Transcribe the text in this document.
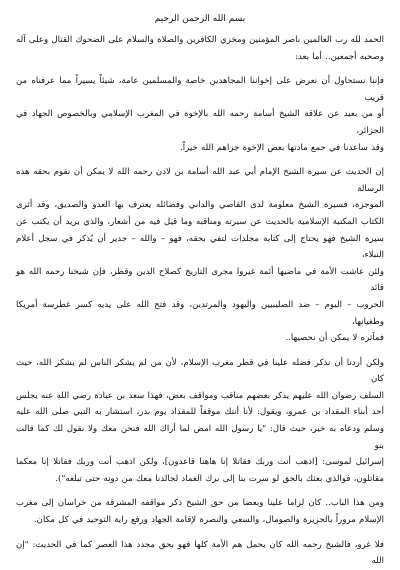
بسم الله الرحمن الرحيم
الحمد لله رب العالمين ناصر المؤمنين ومخزي الكافرين والصلاة والسلام على الضحوك القتال وعلى آله
وصحبه أجمعين.. أما بعد:
فإننا نستحاول أن نعرض على إخواننا المجاهدين خاصة والمسلمين عامة، شيئاً يسيراً مما عرفناه من قريب
أو من بعيد عن علاقة الشيخ أسامة رحمه الله بالإخوة في المغرب الإسلامي وبالخصوص الجهاد في الجزائر،
وقد ساعدنا في جمع مادتها بعض الإخوة جزاهم الله خيراً.
إن الحديث عن سيرة الشيخ الإمام أبي عبد الله أسامة بن لادن رحمه الله لا يمكن أن تقوم بحقه هذه الرسالة
الموجزة، فسيرة الشيخ معلومة لدى القاصي والداني وفضائله يعترف بها العدو والصديق، وقد أثرى
الكتاب المكتبة الإسلامية بالحديث عن سيرته ومناقبه وما قيل فيه من أشعار، والذي يريد أن يكتب عن
سيرة الشيخ فهو يحتاج إلى كتابة مجلدات لتفي بحقه، فهو – والله – جدير أن يُذكر في سجل أعلام النبلاء،
ولئن عاشت الأمة في ماضيها أئمة غيروا مجرى التاريخ كصلاح الدين وقطز، فإن شيخنا رحمه الله هو قائد
الحروب – اليوم – ضد الصليبيين واليهود والمرتدين، وقد فتح الله على يديه كسر غطرسة أمريكا وطغيانها،
فمآثره لا يمكن أن نحصيها..
ولكن أردنا أن نذكر فضله علينا في قطر مغرب الإسلام، لأن من لم يشكر الناس لم يشكر الله، حيث كان
السلف رضوان الله عليهم يذكر بعضهم مناقب ومواقف بعض، فهذا سعد بن عبادة رضي الله عنه يجلس
أحد أبناء المقداد بن عمرو، ويقول: لأنا أنتك موقفاً للمقداد يوم بدر، استشار به النبي صلى الله عليه
وسلم ودعاه به خير، حيث قال: "يا رسول الله امض لما أراك الله فنحن معك ولا نقول لك كما قالت بنو
إسرائيل لموسى: [اذهب أنت وربك فقاتلا إنا هاهنا قاعدون]، ولكن اذهب أنت وربك فقاتلا إنا معكما
مقاتلون، فوالذي بعثك بالحق لو سرت بنا إلى برك الغماد لجالدنا معك من دونه حتى تبلغه").
ومن هذا الباب.. كان لزاما علينا وبعضا من حق الشيخ ذكر مواقفه المشرقة من خراسان إلى مغرب
الإسلام مروراً بالجزيرة والصومال، والسعي والنصرة لإقامة الجهاد ورفع راية التوحيد في كل مكان.
فلا غرو، فالشيخ رحمه الله كان يحمل هم الأمة كلها فهو بحق مجدد هذا العصر كما في الحديث: "إن الله
